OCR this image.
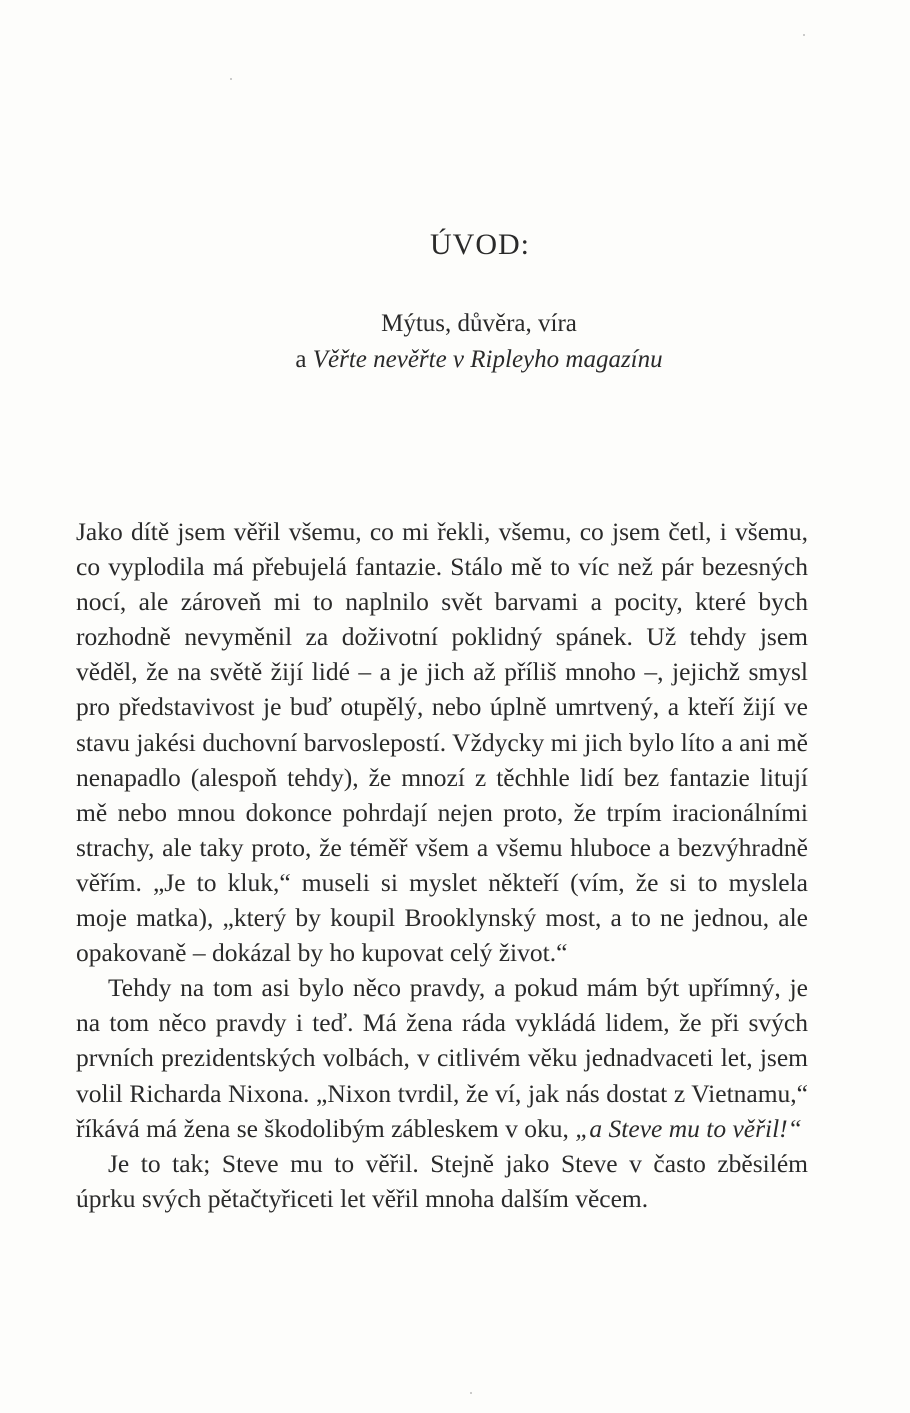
ÚVOD:
Mýtus, důvěra, víra
a Věřte nevěřte v Ripleyho magazínu

Jako dítě jsem věřil všemu, co mi řekli, všemu, co jsem četl, i všemu, co vyplodila má přebujelá fantazie. Stálo mě to víc než pár bezesných nocí, ale zároveň mi to naplnilo svět barvami a pocity, které bych rozhodně nevyměnil za doživotní poklidný spánek. Už tehdy jsem věděl, že na světě žijí lidé – a je jich až příliš mnoho –, jejichž smysl pro představivost je buď otupělý, nebo úplně umrtvený, a kteří žijí ve stavu jakési duchovní barvoslepostí. Vždycky mi jich bylo líto a ani mě nenapadlo (alespoň tehdy), že mnozí z těchhle lidí bez fantazie litují mě nebo mnou dokonce pohrdají nejen proto, že trpím iracionálními strachy, ale taky proto, že téměř všem a všemu hluboce a bezvýhradně věřím. „Je to kluk,“ museli si myslet někteří (vím, že si to myslela moje matka), „který by koupil Brooklynský most, a to ne jednou, ale opakovaně – dokázal by ho kupovat celý život.“

Tehdy na tom asi bylo něco pravdy, a pokud mám být upřímný, je na tom něco pravdy i teď. Má žena ráda vykládá lidem, že při svých prvních prezidentských volbách, v citlivém věku jednadvaceti let, jsem volil Richarda Nixona. „Nixon tvrdil, že ví, jak nás dostat z Vietnamu,“ říkává má žena se škodolibým zábleskem v oku, „a Steve mu to věřil!“

Je to tak; Steve mu to věřil. Stejně jako Steve v často zběsilém úprku svých pětačtyřiceti let věřil mnoha dalším věcem.
